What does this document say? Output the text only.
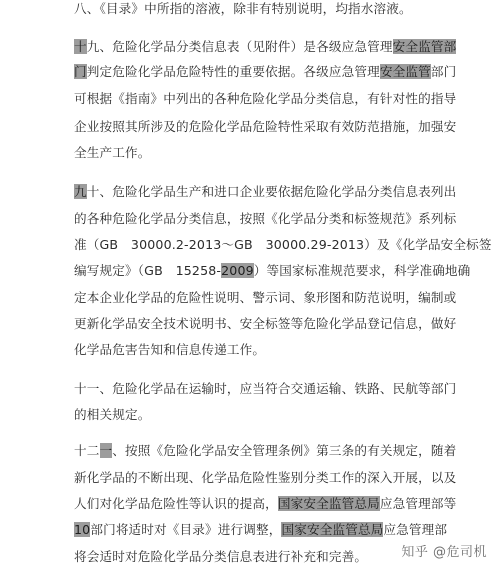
八、《目录》中所指的溶液，除非有特别说明，均指水溶液。
十九、危险化学品分类信息表（见附件）是各级应急管理安全监管部
门判定危险化学品危险特性的重要依据。各级应急管理安全监管部门
可根据《指南》中列出的各种危险化学品分类信息，有针对性的指导
企业按照其所涉及的危险化学品危险特性采取有效防范措施，加强安
全生产工作。
九十、危险化学品生产和进口企业要依据危险化学品分类信息表列出
的各种危险化学品分类信息，按照《化学品分类和标签规范》系列标
准（GB　30000.2-2013～GB　30000.29-2013）及《化学品安全标签
编写规定》（GB　15258-2009）等国家标准规范要求，科学准确地确
定本企业化学品的危险性说明、警示词、象形图和防范说明，编制或
更新化学品安全技术说明书、安全标签等危险化学品登记信息，做好
化学品危害告知和信息传递工作。
十一、危险化学品在运输时，应当符合交通运输、铁路、民航等部门
的相关规定。
十二一、按照《危险化学品安全管理条例》第三条的有关规定，随着
新化学品的不断出现、化学品危险性鉴别分类工作的深入开展，以及
人们对化学品危险性等认识的提高，国家安全监管总局应急管理部等
10部门将适时对《目录》进行调整，国家安全监管总局应急管理部
将会适时对危险化学品分类信息表进行补充和完善。	知乎 @危司机
